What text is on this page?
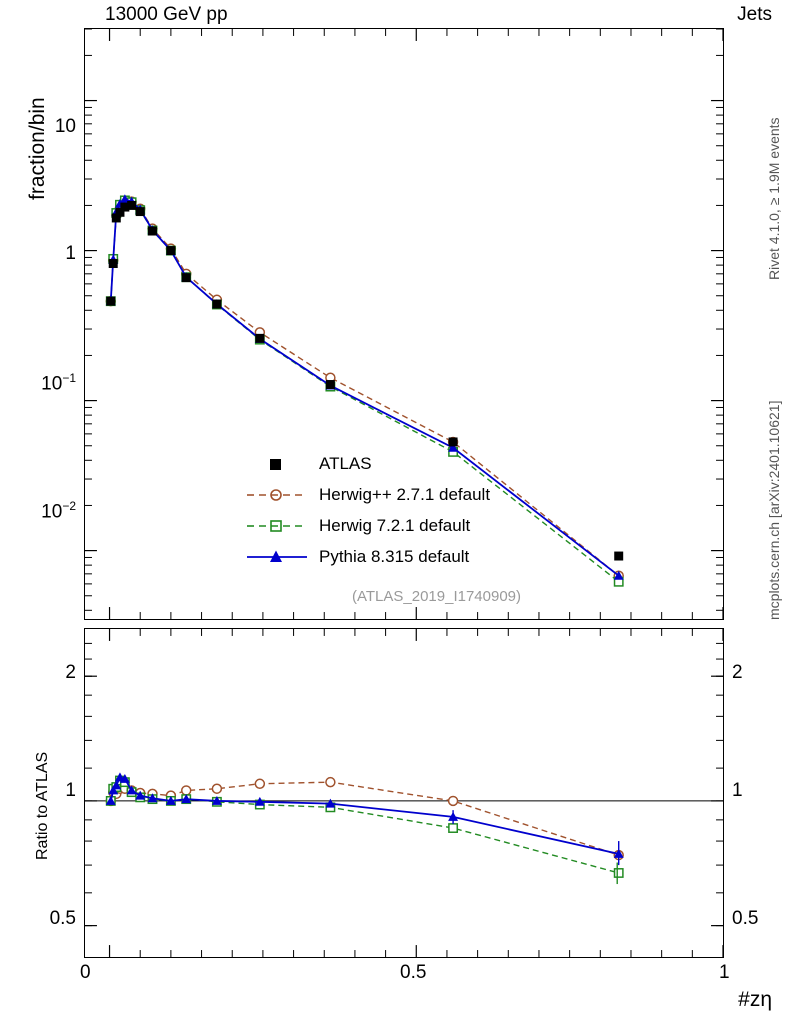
13000 GeV pp	Jets
fraction/bin
Ratio to ATLAS
#zη
Rivet 4.1.0, ≥ 1.9M events
mcplots.cern.ch [arXiv:2401.10621]
10
1
$10^{-1}$
$10^{-2}$
ATLAS
Herwig++ 2.7.1 default
Herwig 7.2.1 default
Pythia 8.315 default
(ATLAS_2019_I1740909)
2
1
0.5
2
1
0.5
0	0.5	1
